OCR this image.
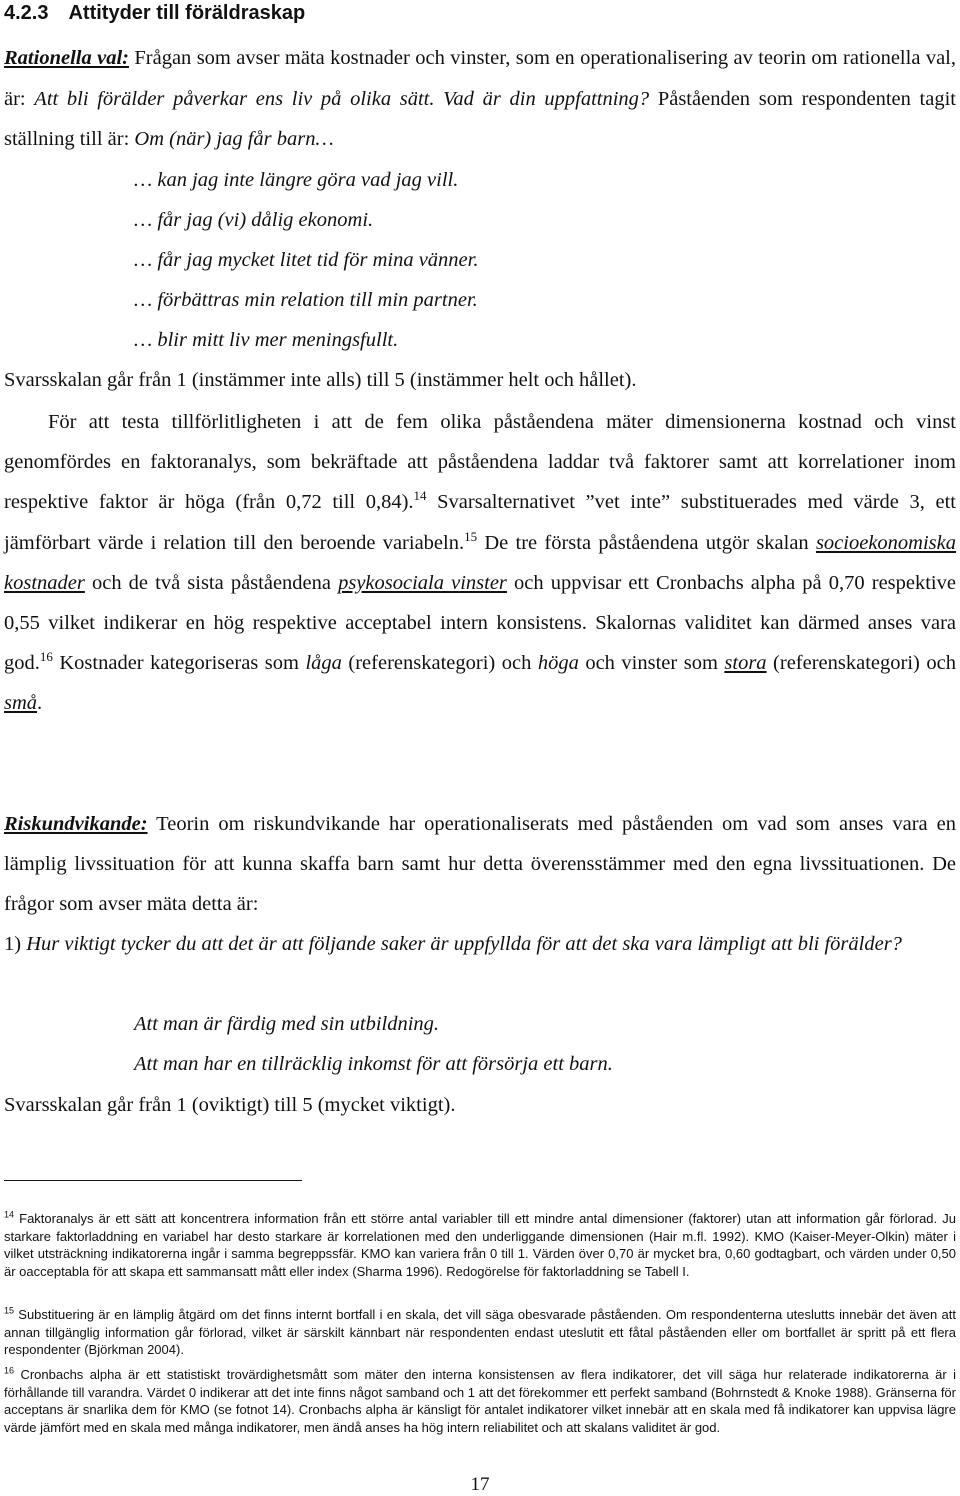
4.2.3 Attityder till föräldraskap
Rationella val: Frågan som avser mäta kostnader och vinster, som en operationalisering av teorin om rationella val, är: Att bli förälder påverkar ens liv på olika sätt. Vad är din uppfattning? Påståenden som respondenten tagit ställning till är: Om (när) jag får barn…
… kan jag inte längre göra vad jag vill.
… får jag (vi) dålig ekonomi.
… får jag mycket litet tid för mina vänner.
… förbättras min relation till min partner.
… blir mitt liv mer meningsfullt.
Svarsskalan går från 1 (instämmer inte alls) till 5 (instämmer helt och hållet).
För att testa tillförlitligheten i att de fem olika påståendena mäter dimensionerna kostnad och vinst genomfördes en faktoranalys, som bekräftade att påståendena laddar två faktorer samt att korrelationer inom respektive faktor är höga (från 0,72 till 0,84).$^{14}$ Svarsalternativet ”vet inte” substituerades med värde 3, ett jämförbart värde i relation till den beroende variabeln.$^{15}$ De tre första påståendena utgör skalan socioekonomiska kostnader och de två sista påståendena psykosociala vinster och uppvisar ett Cronbachs alpha på 0,70 respektive 0,55 vilket indikerar en hög respektive acceptabel intern konsistens. Skalornas validitet kan därmed anses vara god.$^{16}$ Kostnader kategoriseras som låga (referenskategori) och höga och vinster som stora (referenskategori) och små.
Riskundvikande: Teorin om riskundvikande har operationaliserats med påståenden om vad som anses vara en lämplig livssituation för att kunna skaffa barn samt hur detta överensstämmer med den egna livssituationen. De frågor som avser mäta detta är:
1) Hur viktigt tycker du att det är att följande saker är uppfyllda för att det ska vara lämpligt att bli förälder?
Att man är färdig med sin utbildning.
Att man har en tillräcklig inkomst för att försörja ett barn.
Svarsskalan går från 1 (oviktigt) till 5 (mycket viktigt).
$^{14}$ Faktoranalys är ett sätt att koncentrera information från ett större antal variabler till ett mindre antal dimensioner (faktorer) utan att information går förlorad. Ju starkare faktorladdning en variabel har desto starkare är korrelationen med den underliggande dimensionen (Hair m.fl. 1992). KMO (Kaiser-Meyer-Olkin) mäter i vilket utsträckning indikatorerna ingår i samma begreppssfär. KMO kan variera från 0 till 1. Värden över 0,70 är mycket bra, 0,60 godtagbart, och värden under 0,50 är oacceptabla för att skapa ett sammansatt mått eller index (Sharma 1996). Redogörelse för faktorladdning se Tabell I.
$^{15}$ Substituering är en lämplig åtgärd om det finns internt bortfall i en skala, det vill säga obesvarade påståenden. Om respondenterna uteslutts innebär det även att annan tillgänglig information går förlorad, vilket är särskilt kännbart när respondenten endast uteslutit ett fåtal påståenden eller om bortfallet är spritt på ett flera respondenter (Björkman 2004).
$^{16}$ Cronbachs alpha är ett statistiskt trovärdighetsmått som mäter den interna konsistensen av flera indikatorer, det vill säga hur relaterade indikatorerna är i förhållande till varandra. Värdet 0 indikerar att det inte finns något samband och 1 att det förekommer ett perfekt samband (Bohrnstedt & Knoke 1988). Gränserna för acceptans är snarlika dem för KMO (se fotnot 14). Cronbachs alpha är känsligt för antalet indikatorer vilket innebär att en skala med få indikatorer kan uppvisa lägre värde jämfört med en skala med många indikatorer, men ändå anses ha hög intern reliabilitet och att skalans validitet är god.
17
